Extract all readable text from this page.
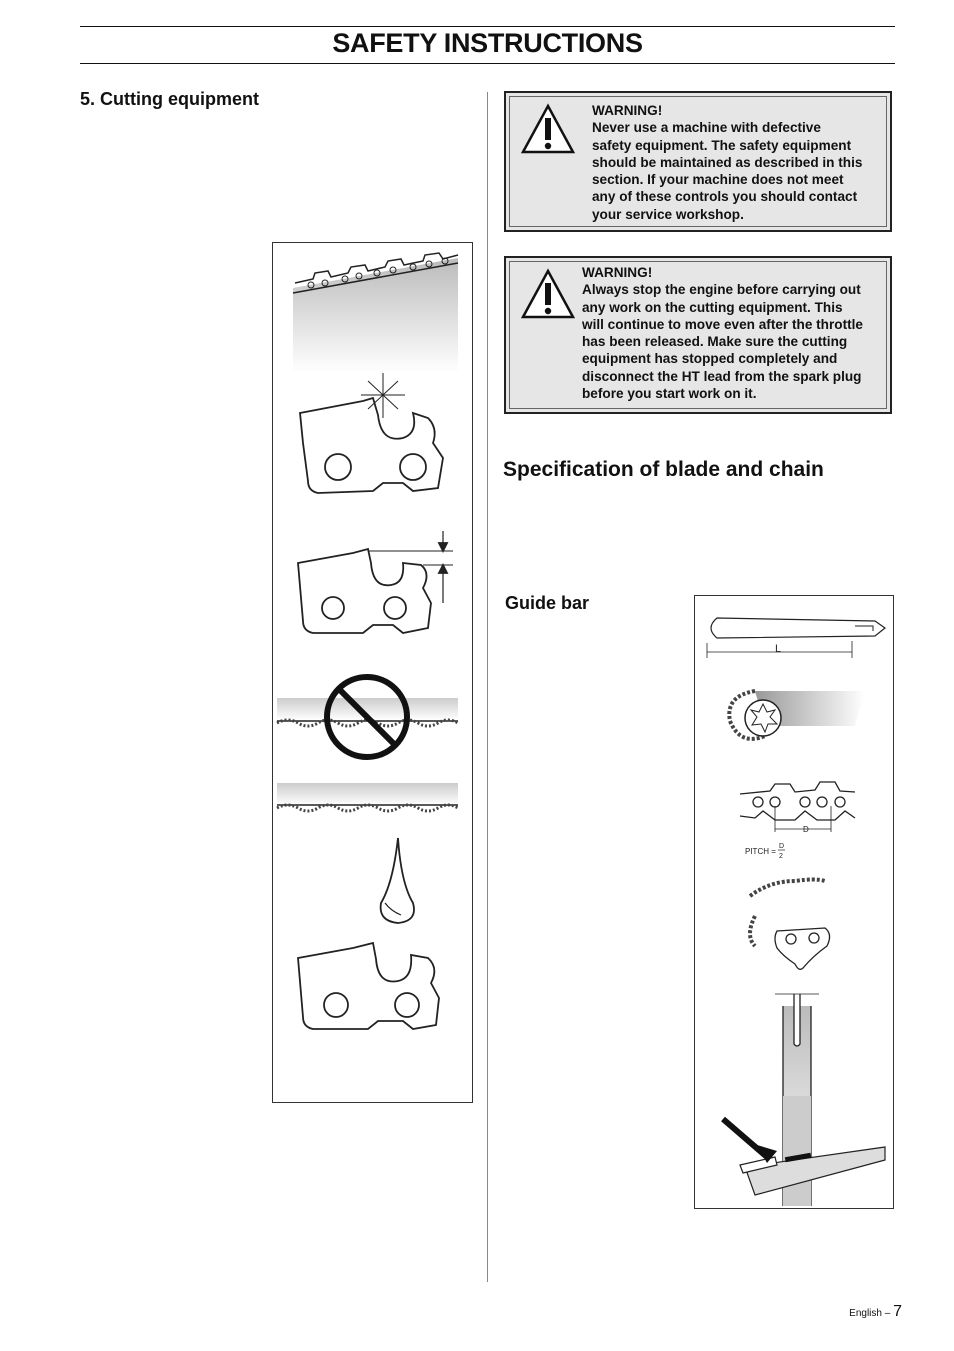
SAFETY INSTRUCTIONS
5. Cutting equipment
WARNING!
Never use a machine with defective
safety equipment. The safety equipment
should be maintained as described in this
section. If your machine does not meet
any of these controls you should contact
your service workshop.
WARNING!
Always stop the engine before carrying out
any work on the cutting equipment. This
will continue to move even after the throttle
has been released. Make sure the cutting
equipment has stopped completely and
disconnect the HT lead from the spark plug
before you start work on it.
Specification of blade and chain
Guide bar
L
D
PITCH =
D
2
English – 7
